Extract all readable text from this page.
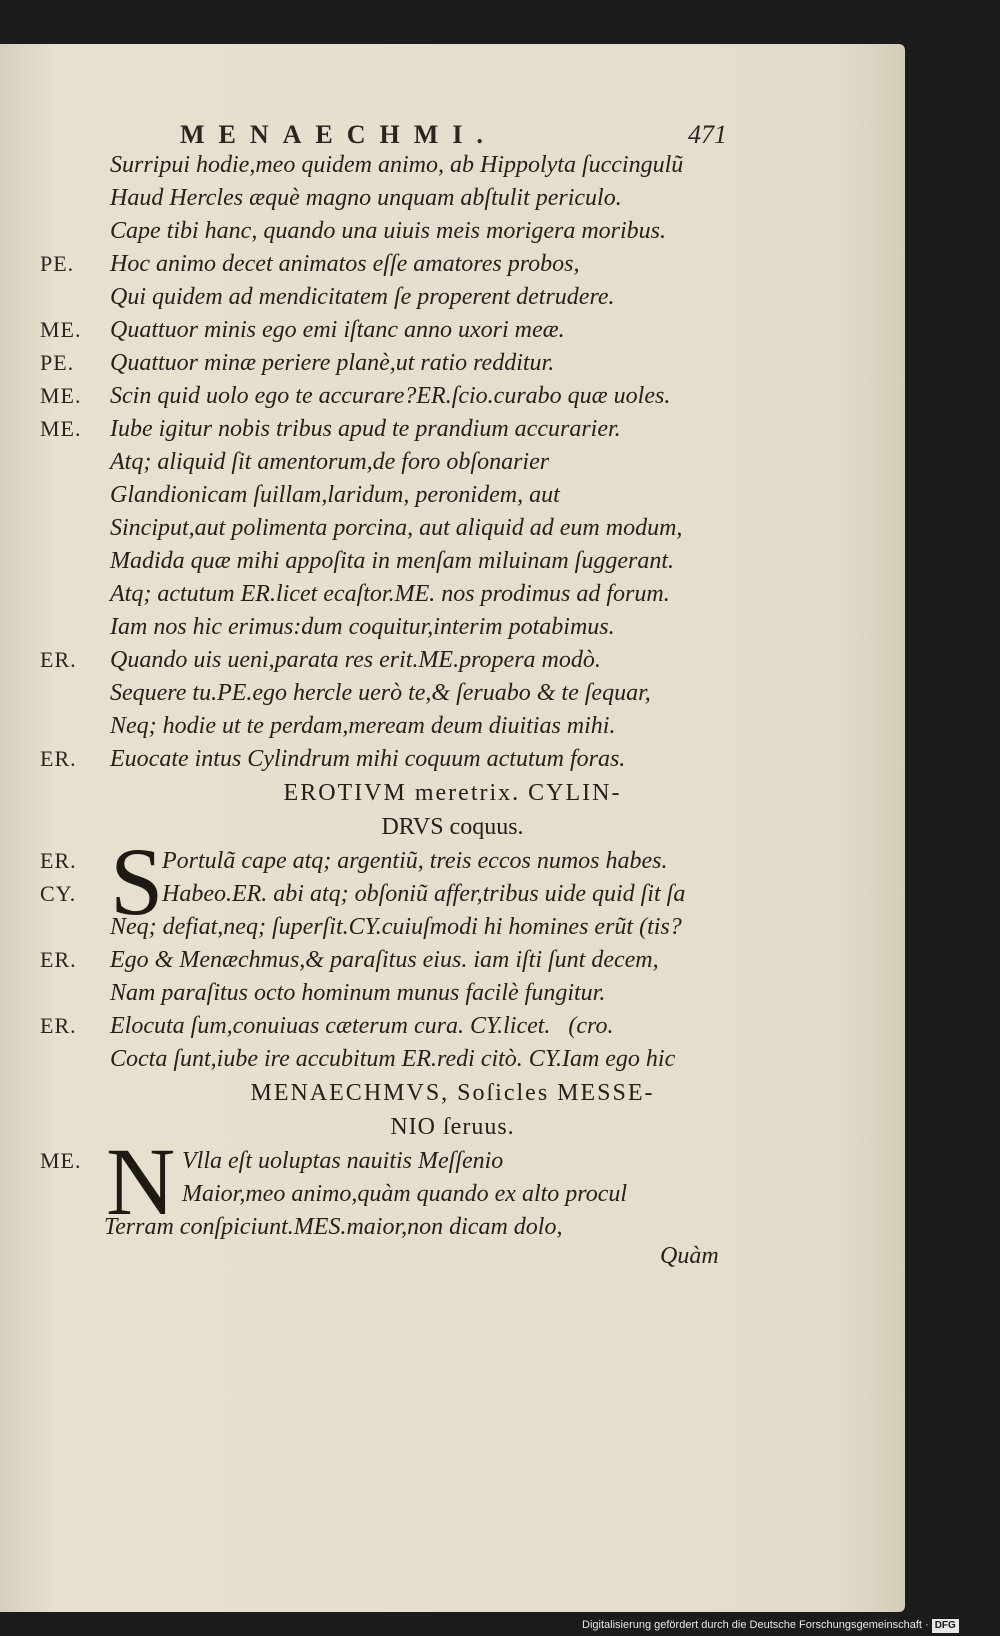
MENAECHMI.	471
Surripui hodie,meo quidem animo, ab Hippolyta ſuccingulũ
Haud Hercles æquè magno unquam abſtulit periculo.
Cape tibi hanc, quando una uiuis meis morigera moribus.
PE. Hoc animo decet animatos eſſe amatores probos,
Qui quidem ad mendicitatem ſe properent detrudere.
ME. Quattuor minis ego emi iſtanc anno uxori meæ.
PE. Quattuor minæ periere planè,ut ratio redditur.
ME. Scin quid uolo ego te accurare?ER.ſcio.curabo quæ uoles.
ME. Iube igitur nobis tribus apud te prandium accurarier.
Atq; aliquid ſit amentorum,de foro obſonarier
Glandionicam ſuillam,laridum, peronidem, aut
Sinciput,aut polimenta porcina, aut aliquid ad eum modum,
Madida quæ mihi appoſita in menſam miluinam ſuggerant.
Atq; actutum ER.licet ecaſtor.ME. nos prodimus ad forum.
Iam nos hic erimus:dum coquitur,interim potabimus.
ER. Quando uis ueni,parata res erit.ME.propera modò.
Sequere tu.PE.ego hercle uerò te,& ſeruabo & te ſequar,
Neq; hodie ut te perdam,meream deum diuitias mihi.
ER. Euocate intus Cylindrum mihi coquum actutum foras.
EROTIVM meretrix. CYLIN-
DRVS coquus.
S
ER.	Portulã cape atq; argentiũ, treis eccos numos habes.
CY.	Habeo.ER. abi atq; obſoniũ affer,tribus uide quid ſit ſa
Neq; defiat,neq; ſuperſit.CY.cuiuſmodi hi homines erũt (tis?
ER. Ego & Menæchmus,& paraſitus eius. iam iſti ſunt decem,
Nam paraſitus octo hominum munus facilè fungitur.
ER. Elocuta ſum,conuiuas cæterum cura. CY.licet.   (cro.
Cocta ſunt,iube ire accubitum ER.redi citò. CY.Iam ego hic
MENAECHMVS, Soſicles MESSE-
NIO ſeruus.
N
ME.	Vlla eſt uoluptas nauitis Meſſenio
Maior,meo animo,quàm quando ex alto procul
Terram conſpiciunt.MES.maior,non dicam dolo,
Quàm
Digitalisierung gefördert durch die Deutsche Forschungsgemeinschaft · DFG
